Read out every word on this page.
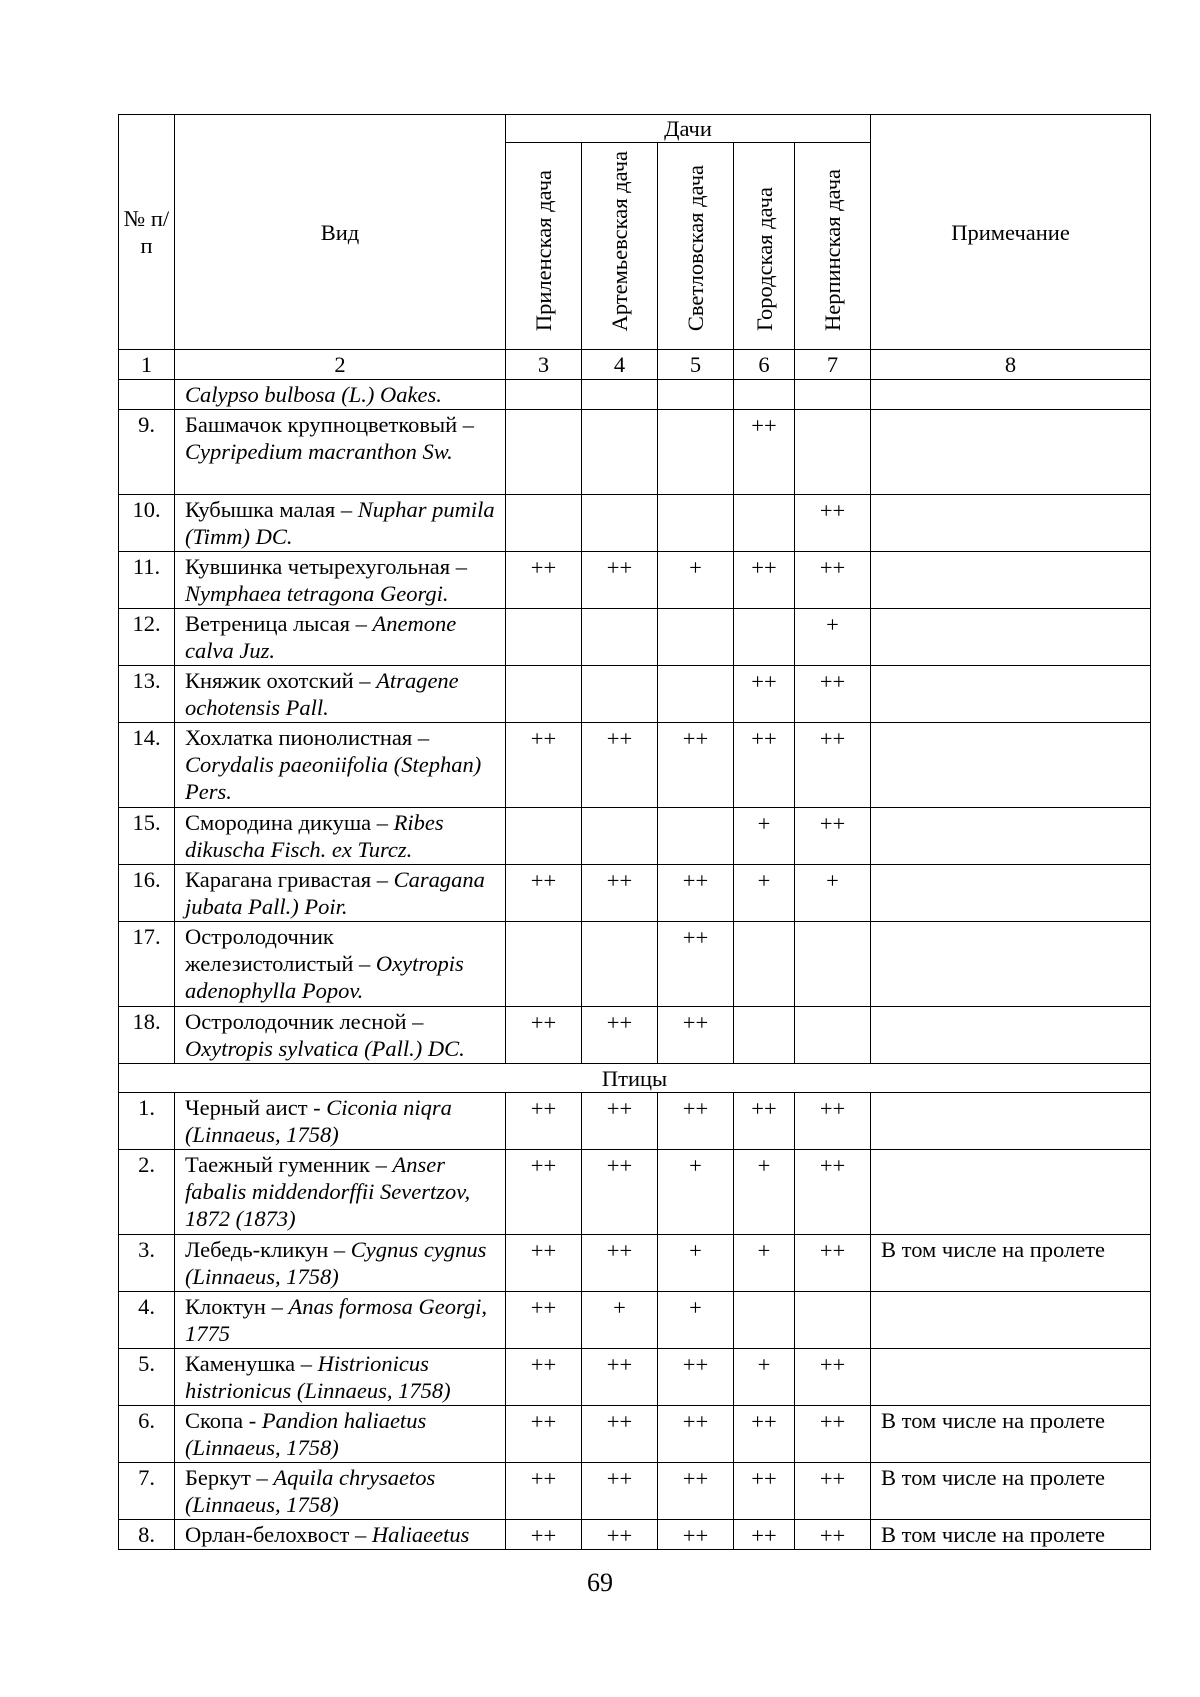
№ п/п	Вид	Дачи					Примечание
		Приленская дача	Артемьевская дача	Светловская дача	Городская дача	Нерпинская дача	
1	2	3	4	5	6	7	8
	Calypso bulbosa (L.) Oakes.						
9.	Башмачок крупноцветковый – Cypripedium macranthon Sw.				++		
10.	Кубышка малая – Nuphar pumila (Timm) DC.					++	
11.	Кувшинка четырехугольная – Nymphaea tetragona Georgi.	++	++	+	++	++	
12.	Ветреница лысая – Anemone calva Juz.					+	
13.	Княжик охотский – Atragene ochotensis Pall.				++	++	
14.	Хохлатка пионолистная – Corydalis paeoniifolia (Stephan) Pers.	++	++	++	++	++	
15.	Смородина дикуша – Ribes dikuscha Fisch. ex Turcz.				+	++	
16.	Карагана гривастая – Caragana jubata Pall.) Poir.	++	++	++	+	+	
17.	Остролодочник железистолистый – Oxytropis adenophylla Popov.			++			
18.	Остролодочник лесной – Oxytropis sylvatica (Pall.) DC.	++	++	++			
Птицы							
1.	Черный аист - Ciconia niqra (Linnaeus, 1758)	++	++	++	++	++	
2.	Таежный гуменник – Anser fabalis middendorffii Severtzov, 1872 (1873)	++	++	+	+	++	
3.	Лебедь-кликун – Cygnus cygnus (Linnaeus, 1758)	++	++	+	+	++	В том числе на пролете
4.	Клоктун – Anas formosa Georgi, 1775	++	+	+			
5.	Каменушка – Histrionicus histrionicus (Linnaeus, 1758)	++	++	++	+	++	
6.	Скопа - Pandion haliaetus (Linnaeus, 1758)	++	++	++	++	++	В том числе на пролете
7.	Беркут – Aquila chrysaetos (Linnaeus, 1758)	++	++	++	++	++	В том числе на пролете
8.	Орлан-белохвост – Haliaeetus	++	++	++	++	++	В том числе на пролете
69
